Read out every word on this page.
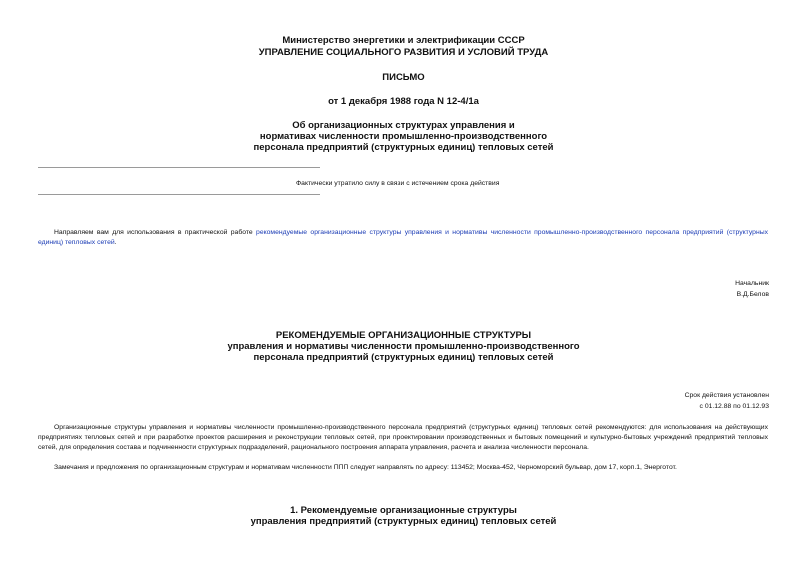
Министерство энергетики и электрификации СССР
УПРАВЛЕНИЕ СОЦИАЛЬНОГО РАЗВИТИЯ И УСЛОВИЙ ТРУДА
ПИСЬМО
от 1 декабря 1988 года N 12-4/1а
Об организационных структурах управления и
нормативах численности промышленно-производственного
персонала предприятий (структурных единиц) тепловых сетей
Фактически утратило силу в связи с истечением срока действия
Направляем вам для использования в практической работе рекомендуемые организационные структуры управления и нормативы численности промышленно-производственного персонала предприятий (структурных единиц) тепловых сетей.
Начальник
В.Д.Белов
РЕКОМЕНДУЕМЫЕ ОРГАНИЗАЦИОННЫЕ СТРУКТУРЫ
управления и нормативы численности промышленно-производственного
персонала предприятий (структурных единиц) тепловых сетей
Срок действия установлен
с 01.12.88 по 01.12.93
Организационные структуры управления и нормативы численности промышленно-производственного персонала предприятий (структурных единиц) тепловых сетей рекомендуются: для использования на действующих предприятиях тепловых сетей и при разработке проектов расширения и реконструкции тепловых сетей, при проектировании производственных и бытовых помещений и культурно-бытовых учреждений предприятий тепловых сетей, для определения состава и подчиненности структурных подразделений, рационального построения аппарата управления, расчета и анализа численности персонала.
Замечания и предложения по организационным структурам и нормативам численности ППП следует направлять по адресу: 113452; Москва-452, Черноморский бульвар, дом 17, корп.1, Энерготот.
1. Рекомендуемые организационные структуры
управления предприятий (структурных единиц) тепловых сетей
